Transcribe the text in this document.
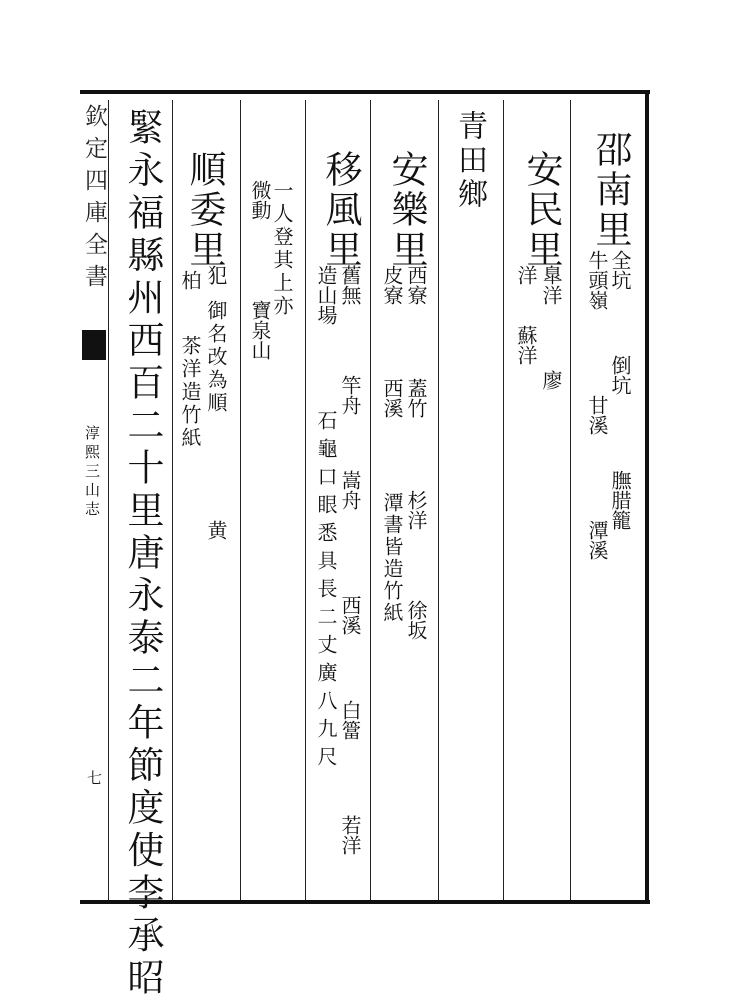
欽定四庫全書
淳熙三山志
七
邵南里
全坑
倒坑
牛頭嶺
甘溪
膴腊籠
潭溪
安民里
臯洋
廖
洋
蘇洋
青田鄉
安樂里
西寮
蓋竹
杉洋
徐坂
皮寮
西溪
潭書皆造竹紙
移風里
舊無
竿舟
嵩舟
西溪
白簹
若洋
造山場
石龜口眼悉具長二丈廣八九尺
一人登其上亦
微動
寶泉山
順委里
犯
御名改為順
黄
柏
茶洋造竹紙
緊永福縣州西百二十里唐永泰二年節度使李承昭
